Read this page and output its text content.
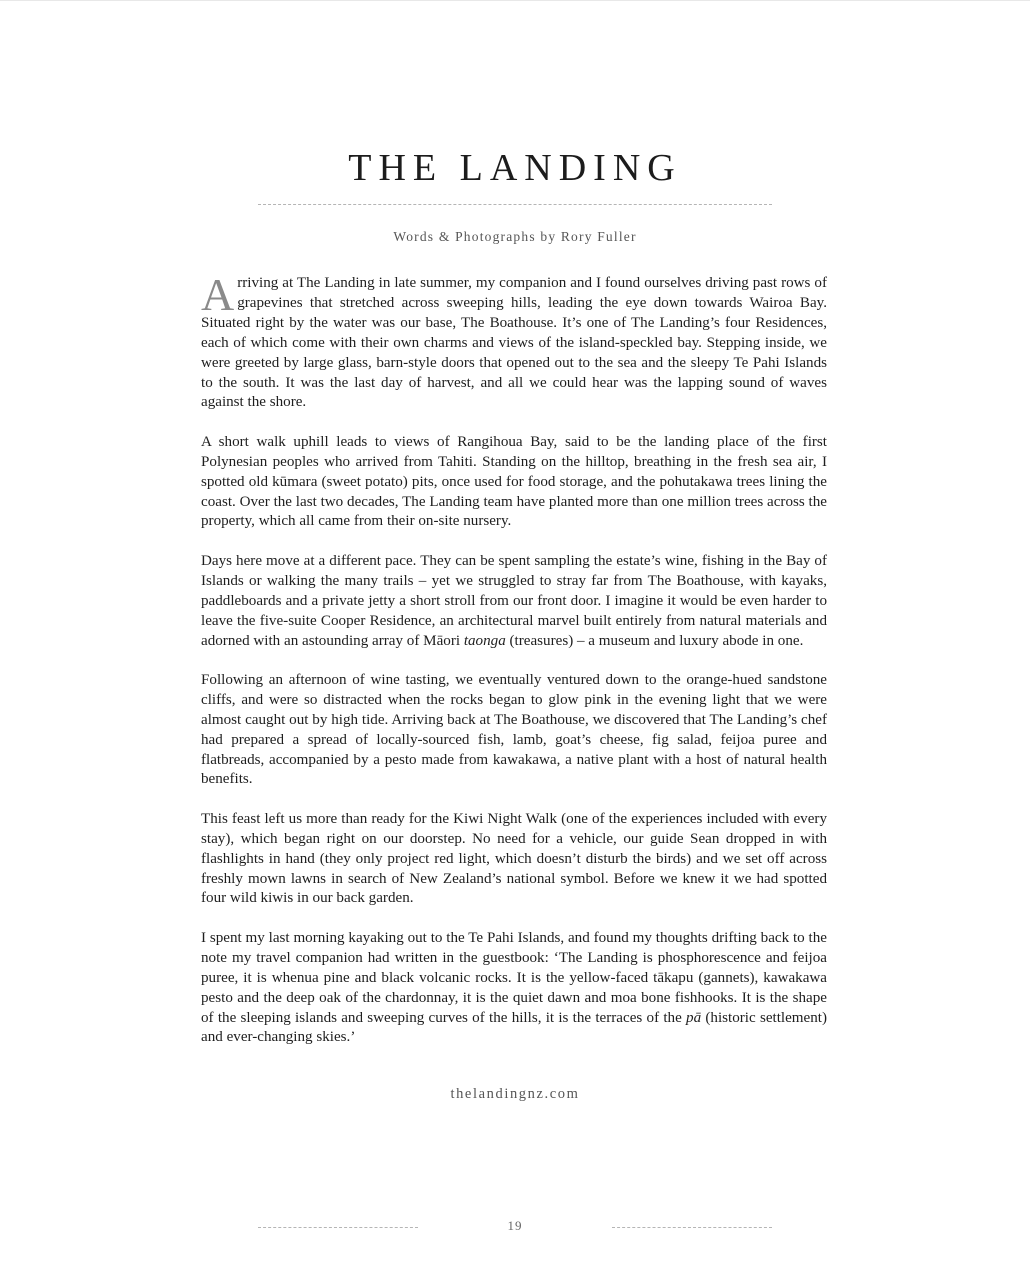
THE LANDING
Words & Photographs by Rory Fuller

Arriving at The Landing in late summer, my companion and I found ourselves driving past rows of grapevines that stretched across sweeping hills, leading the eye down towards Wairoa Bay. Situated right by the water was our base, The Boathouse. It’s one of The Landing’s four Residences, each of which come with their own charms and views of the island-speckled bay. Stepping inside, we were greeted by large glass, barn-style doors that opened out to the sea and the sleepy Te Pahi Islands to the south. It was the last day of harvest, and all we could hear was the lapping sound of waves against the shore.

A short walk uphill leads to views of Rangihoua Bay, said to be the landing place of the first Polynesian peoples who arrived from Tahiti. Standing on the hilltop, breathing in the fresh sea air, I spotted old kūmara (sweet potato) pits, once used for food storage, and the pohutakawa trees lining the coast. Over the last two decades, The Landing team have planted more than one million trees across the property, which all came from their on-site nursery.

Days here move at a different pace. They can be spent sampling the estate’s wine, fishing in the Bay of Islands or walking the many trails – yet we struggled to stray far from The Boathouse, with kayaks, paddleboards and a private jetty a short stroll from our front door. I imagine it would be even harder to leave the five-suite Cooper Residence, an architectural marvel built entirely from natural materials and adorned with an astounding array of Māori taonga (treasures) – a museum and luxury abode in one.

Following an afternoon of wine tasting, we eventually ventured down to the orange-hued sandstone cliffs, and were so distracted when the rocks began to glow pink in the evening light that we were almost caught out by high tide. Arriving back at The Boathouse, we discovered that The Landing’s chef had prepared a spread of locally-sourced fish, lamb, goat’s cheese, fig salad, feijoa puree and flatbreads, accompanied by a pesto made from kawakawa, a native plant with a host of natural health benefits.

This feast left us more than ready for the Kiwi Night Walk (one of the experiences included with every stay), which began right on our doorstep. No need for a vehicle, our guide Sean dropped in with flashlights in hand (they only project red light, which doesn’t disturb the birds) and we set off across freshly mown lawns in search of New Zealand’s national symbol. Before we knew it we had spotted four wild kiwis in our back garden.

I spent my last morning kayaking out to the Te Pahi Islands, and found my thoughts drifting back to the note my travel companion had written in the guestbook: ‘The Landing is phosphorescence and feijoa puree, it is whenua pine and black volcanic rocks. It is the yellow-faced tākapu (gannets), kawakawa pesto and the deep oak of the chardonnay, it is the quiet dawn and moa bone fishhooks. It is the shape of the sleeping islands and sweeping curves of the hills, it is the terraces of the pā (historic settlement) and ever-changing skies.’

thelandingnz.com
19
